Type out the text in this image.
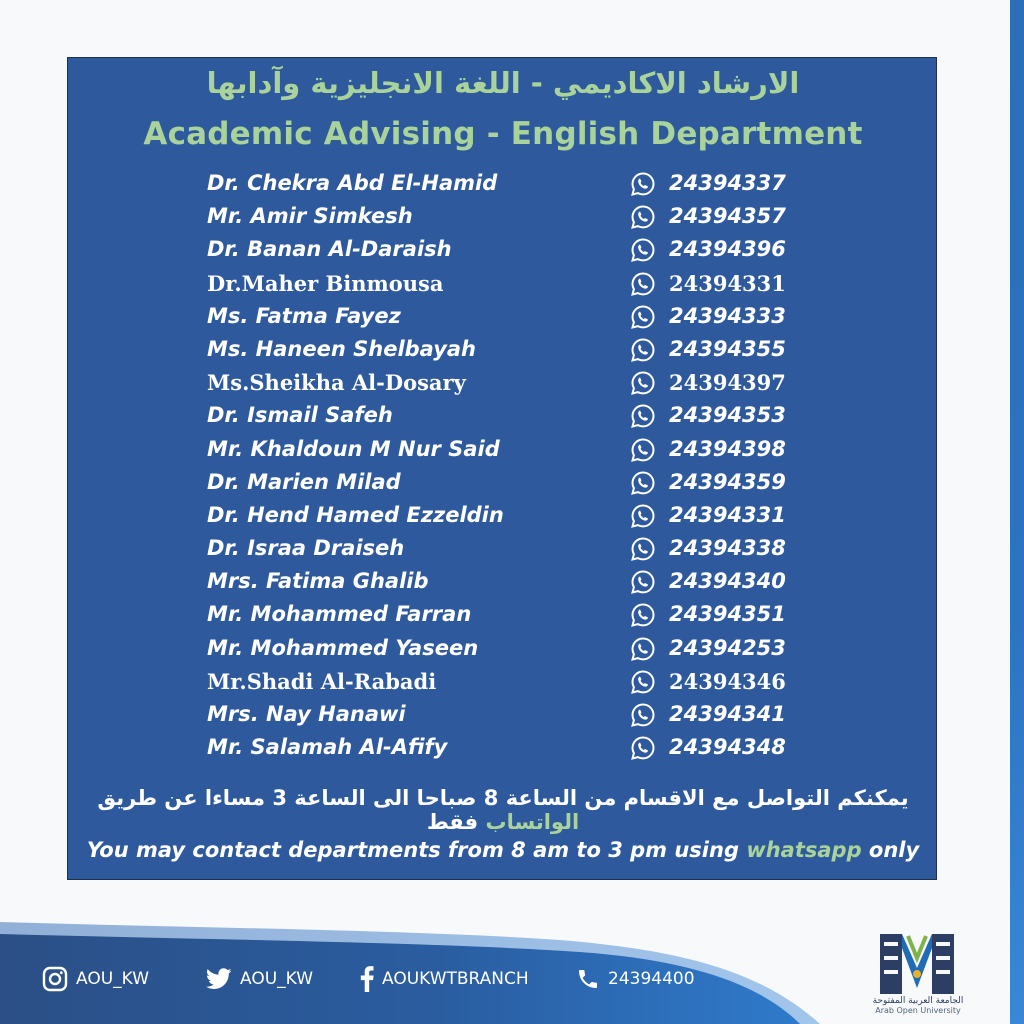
الارشاد الاكاديمي - اللغة الانجليزية وآدابها
Academic Advising - English Department
Dr. Chekra Abd El-Hamid	24394337
Mr. Amir Simkesh	24394357
Dr. Banan Al-Daraish	24394396
Dr.Maher Binmousa	24394331
Ms. Fatma Fayez	24394333
Ms. Haneen Shelbayah	24394355
Ms.Sheikha Al-Dosary	24394397
Dr. Ismail Safeh	24394353
Mr. Khaldoun M Nur Said	24394398
Dr. Marien Milad	24394359
Dr. Hend Hamed Ezzeldin	24394331
Dr. Israa Draiseh	24394338
Mrs. Fatima Ghalib	24394340
Mr. Mohammed Farran	24394351
Mr. Mohammed Yaseen	24394253
Mr.Shadi Al-Rabadi	24394346
Mrs. Nay Hanawi	24394341
Mr. Salamah Al-Afify	24394348
يمكنكم التواصل مع الاقسام من الساعة 8 صباحا الى الساعة 3 مساءا عن طريق الواتساب فقط
You may contact departments from 8 am to 3 pm using whatsapp only
AOU_KW	AOU_KW	AOUKWTBRANCH	24394400
الجامعة العربية المفتوحة
Arab Open University
